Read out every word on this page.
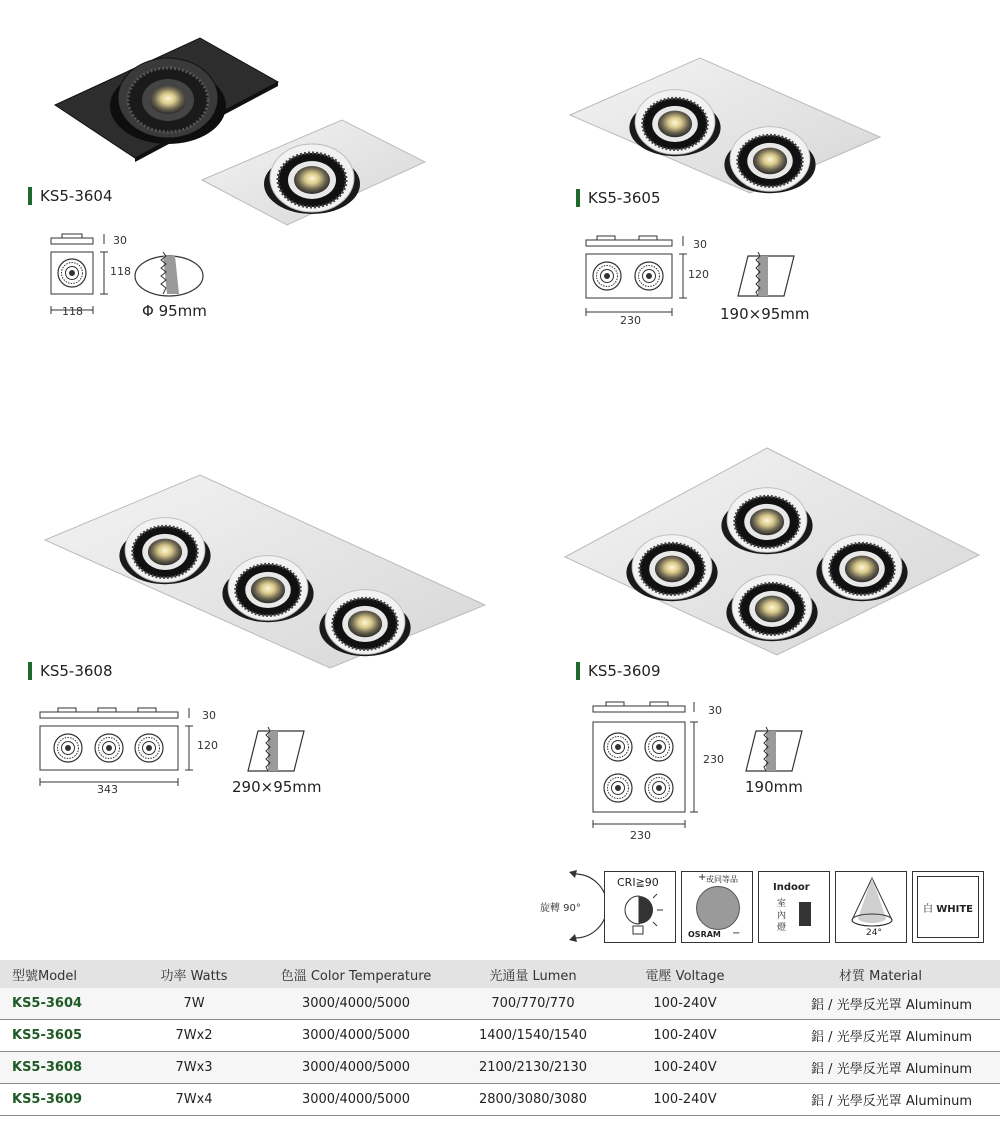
KS5-3604
30
118
118	Φ 95mm
KS5-3605
30
120
230	190×95mm
KS5-3608
30
120
343	290×95mm
KS5-3609
30
230
230
190mm
旋轉 90°
CRI≧90	或同等品
+
OSRAM −
Indoor
室
內
燈	24°
白 WHITE
型號Model	功率 Watts	色溫 Color Temperature	光通量 Lumen	電壓 Voltage	材質 Material
KS5-3604	7W	3000/4000/5000	700/770/770	100-240V	鋁 / 光學反光罩 Aluminum
KS5-3605	7Wx2	3000/4000/5000	1400/1540/1540	100-240V	鋁 / 光學反光罩 Aluminum
KS5-3608	7Wx3	3000/4000/5000	2100/2130/2130	100-240V	鋁 / 光學反光罩 Aluminum
KS5-3609	7Wx4	3000/4000/5000	2800/3080/3080	100-240V	鋁 / 光學反光罩 Aluminum
